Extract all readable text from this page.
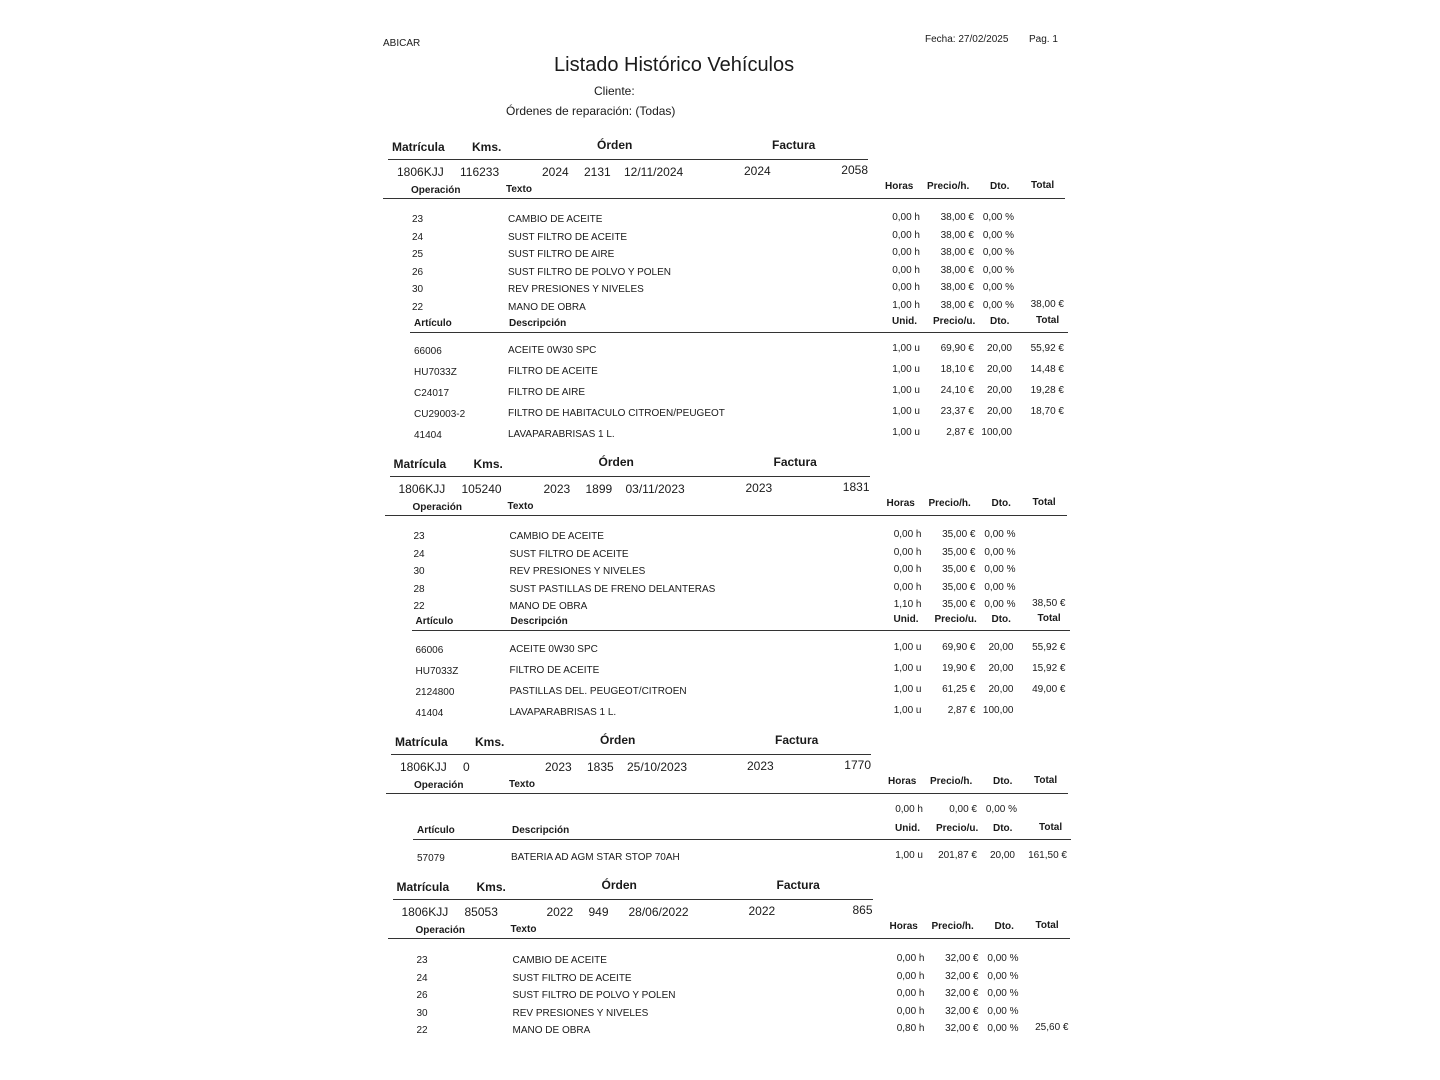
ABICAR	Fecha: 27/02/2025 Pag. 1
Listado Histórico Vehículos
Cliente:
Órdenes de reparación: (Todas)
Matrícula Kms.	Órden	Factura
1806KJJ 116233	2024 2131 12/11/2024	2024	2058
Operación	Texto	Horas Precio/h. Dto. Total
23	CAMBIO DE ACEITE	0,00 h	38,00 € 0,00 %
24	SUST FILTRO DE ACEITE	0,00 h	38,00 € 0,00 %
25	SUST FILTRO DE AIRE	0,00 h	38,00 € 0,00 %
26	SUST FILTRO DE POLVO Y POLEN	0,00 h	38,00 € 0,00 %
30	REV PRESIONES Y NIVELES	0,00 h	38,00 € 0,00 %
22	MANO DE OBRA	1,00 h	38,00 € 0,00 %	38,00 €
Artículo	Descripción	Unid. Precio/u. Dto.	Total
66006	ACEITE 0W30 SPC	1,00 u	69,90 €	20,00	55,92 €
HU7033Z	FILTRO DE ACEITE	1,00 u	18,10 €	20,00	14,48 €
C24017	FILTRO DE AIRE	1,00 u	24,10 €	20,00	19,28 €
CU29003-2	FILTRO DE HABITACULO CITROEN/PEUGEOT	1,00 u	23,37 €	20,00	18,70 €
41404	LAVAPARABRISAS 1 L.	1,00 u	2,87 € 100,00
Matrícula Kms.	Órden	Factura
1806KJJ 105240	2023 1899 03/11/2023	2023	1831
Operación	Texto	Horas Precio/h. Dto. Total
23	CAMBIO DE ACEITE	0,00 h	35,00 € 0,00 %
24	SUST FILTRO DE ACEITE	0,00 h	35,00 € 0,00 %
30	REV PRESIONES Y NIVELES	0,00 h	35,00 € 0,00 %
28	SUST PASTILLAS DE FRENO DELANTERAS	0,00 h	35,00 € 0,00 %
22	MANO DE OBRA	1,10 h	35,00 € 0,00 %	38,50 €
Artículo	Descripción	Unid. Precio/u. Dto.	Total
66006	ACEITE 0W30 SPC	1,00 u	69,90 €	20,00	55,92 €
HU7033Z	FILTRO DE ACEITE	1,00 u	19,90 €	20,00	15,92 €
2124800	PASTILLAS DEL. PEUGEOT/CITROEN	1,00 u	61,25 €	20,00	49,00 €
41404	LAVAPARABRISAS 1 L.	1,00 u	2,87 € 100,00
Matrícula Kms.	Órden	Factura
1806KJJ 0	2023 1835 25/10/2023	2023	1770
Operación	Texto	Horas Precio/h. Dto. Total
0,00 h	0,00 € 0,00 %
Artículo	Descripción	Unid. Precio/u. Dto.	Total
57079	BATERIA AD AGM STAR STOP 70AH	1,00 u	201,87 €	20,00	161,50 €
Matrícula Kms.	Órden	Factura
1806KJJ 85053	2022 949 28/06/2022	2022	865
Operación	Texto	Horas Precio/h. Dto. Total
23	CAMBIO DE ACEITE	0,00 h	32,00 € 0,00 %
24	SUST FILTRO DE ACEITE	0,00 h	32,00 € 0,00 %
26	SUST FILTRO DE POLVO Y POLEN	0,00 h	32,00 € 0,00 %
30	REV PRESIONES Y NIVELES	0,00 h	32,00 € 0,00 %
22	MANO DE OBRA	0,80 h	32,00 € 0,00 %	25,60 €
